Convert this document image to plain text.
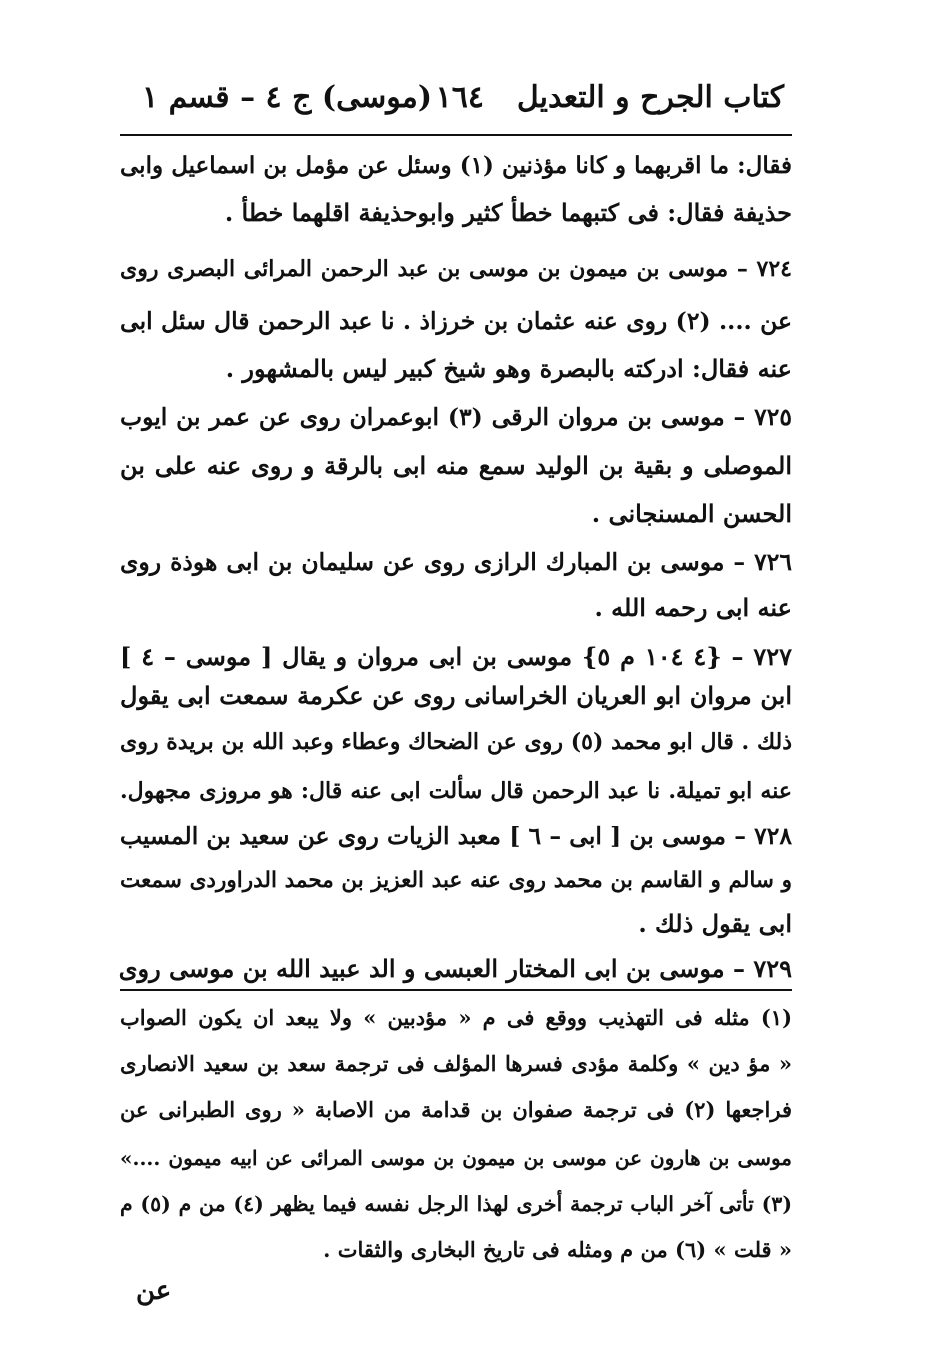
كتاب الجرح و التعديل
١٦٤
(موسى) ج ٤ – قسم ١
فقال: ما اقربهما و كانا مؤذنين (١) وسئل عن مؤمل بن اسماعيل وابى
حذيفة فقال: فى كتبهما خطأ كثير وابوحذيفة اقلهما خطأ .
٧٢٤ – موسى بن ميمون بن موسى بن عبد الرحمن المرائى البصرى روى
عن .... (٢) روى عنه عثمان بن خرزاذ . نا عبد الرحمن قال سئل ابى
عنه فقال: ادركته بالبصرة وهو شيخ كبير ليس بالمشهور .
٧٢٥ – موسى بن مروان الرقى (٣) ابوعمران روى عن عمر بن ايوب
الموصلى و بقية بن الوليد سمع منه ابى بالرقة و روى عنه على بن
الحسن المسنجانى .
٧٢٦ – موسى بن المبارك الرازى روى عن سليمان بن ابى هوذة روى
عنه ابى رحمه الله .
٧٢٧ – {٤ ١٠٤ م ٥} موسى بن ابى مروان و يقال [ موسى – ٤ ]
ابن مروان ابو العريان الخراسانى روى عن عكرمة سمعت ابى يقول
ذلك . قال ابو محمد (٥) روى عن الضحاك وعطاء وعبد الله بن بريدة روى
عنه ابو تميلة. نا عبد الرحمن قال سألت ابى عنه قال: هو مروزى مجهول.
٧٢٨ – موسى بن [ ابى – ٦ ] معبد الزيات روى عن سعيد بن المسيب
و سالم و القاسم بن محمد روى عنه عبد العزيز بن محمد الدراوردى سمعت
ابى يقول ذلك .
٧٢٩ – موسى بن ابى المختار العبسى و الد عبيد الله بن موسى روى
(١) مثله فى التهذيب ووقع فى م « مؤدبين » ولا يبعد ان يكون الصواب
« مؤ دين » وكلمة مؤدى فسرها المؤلف فى ترجمة سعد بن سعيد الانصارى
فراجعها (٢) فى ترجمة صفوان بن قدامة من الاصابة « روى الطبرانى عن
موسى بن هارون عن موسى بن ميمون بن موسى المرائى عن ابيه ميمون ....»
(٣) تأتى آخر الباب ترجمة أخرى لهذا الرجل نفسه فيما يظهر (٤) من م (٥) م
« قلت » (٦) من م ومثله فى تاريخ البخارى والثقات .
عن
